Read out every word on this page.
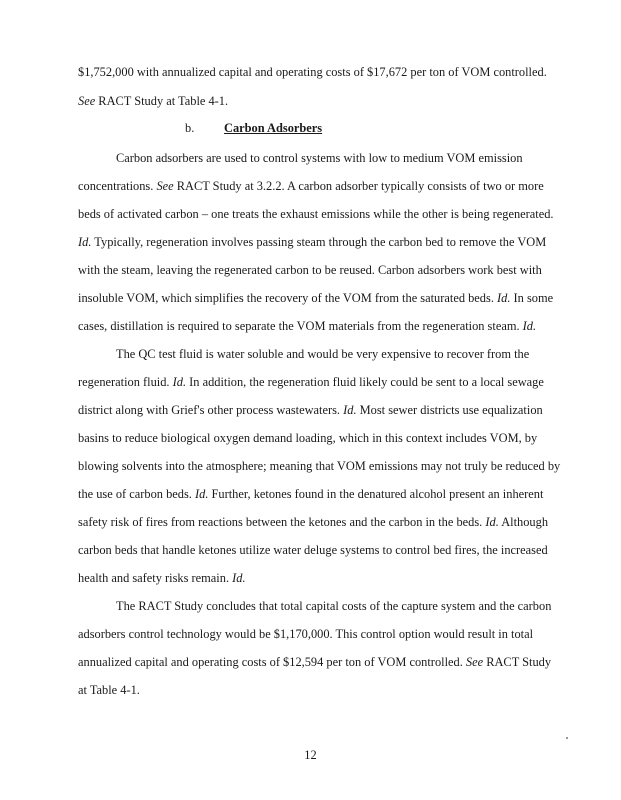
$1,752,000 with annualized capital and operating costs of $17,672 per ton of VOM controlled.
See RACT Study at Table 4-1.
b. Carbon Adsorbers
Carbon adsorbers are used to control systems with low to medium VOM emission
concentrations. See RACT Study at 3.2.2. A carbon adsorber typically consists of two or more
beds of activated carbon – one treats the exhaust emissions while the other is being regenerated.
Id. Typically, regeneration involves passing steam through the carbon bed to remove the VOM
with the steam, leaving the regenerated carbon to be reused. Carbon adsorbers work best with
insoluble VOM, which simplifies the recovery of the VOM from the saturated beds. Id. In some
cases, distillation is required to separate the VOM materials from the regeneration steam. Id.
The QC test fluid is water soluble and would be very expensive to recover from the
regeneration fluid. Id. In addition, the regeneration fluid likely could be sent to a local sewage
district along with Grief's other process wastewaters. Id. Most sewer districts use equalization
basins to reduce biological oxygen demand loading, which in this context includes VOM, by
blowing solvents into the atmosphere; meaning that VOM emissions may not truly be reduced by
the use of carbon beds. Id. Further, ketones found in the denatured alcohol present an inherent
safety risk of fires from reactions between the ketones and the carbon in the beds. Id. Although
carbon beds that handle ketones utilize water deluge systems to control bed fires, the increased
health and safety risks remain. Id.
The RACT Study concludes that total capital costs of the capture system and the carbon
adsorbers control technology would be $1,170,000. This control option would result in total
annualized capital and operating costs of $12,594 per ton of VOM controlled. See RACT Study
at Table 4-1.
12
